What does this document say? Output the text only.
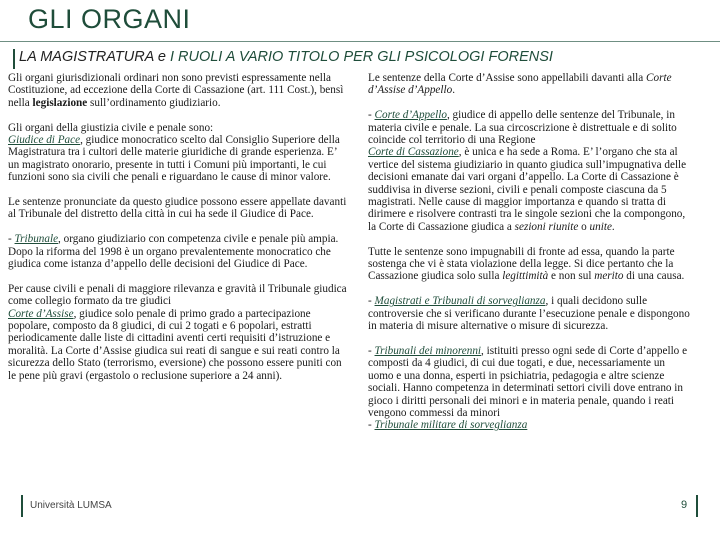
GLI ORGANI
LA MAGISTRATURA e I RUOLI A VARIO TITOLO PER GLI PSICOLOGI FORENSI

Gli organi giurisdizionali ordinari non sono previsti espressamente nella Costituzione, ad eccezione della Corte di Cassazione (art. 111 Cost.), bensì nella legislazione sull’ordinamento giudiziario.

Gli organi della giustizia civile e penale sono:
Giudice di Pace, giudice monocratico scelto dal Consiglio Superiore della Magistratura tra i cultori delle materie giuridiche di grande esperienza. E’ un magistrato onorario, presente in tutti i Comuni più importanti, le cui funzioni sono sia civili che penali e riguardano le cause di minor valore.

Le sentenze pronunciate da questo giudice possono essere appellate davanti al Tribunale del distretto della città in cui ha sede il Giudice di Pace.

- Tribunale, organo giudiziario con competenza civile e penale più ampia. Dopo la riforma del 1998 è un organo prevalentemente monocratico che giudica come istanza d’appello delle decisioni del Giudice di Pace.

Per cause civili e penali di maggiore rilevanza e gravità il Tribunale giudica come collegio formato da tre giudici
Corte d’Assise, giudice solo penale di primo grado a partecipazione popolare, composto da 8 giudici, di cui 2 togati e 6 popolari, estratti periodicamente dalle liste di cittadini aventi certi requisiti d’istruzione e moralità. La Corte d’Assise giudica sui reati di sangue e sui reati contro la sicurezza dello Stato (terrorismo, eversione) che possono essere puniti con le pene più gravi (ergastolo o reclusione superiore a 24 anni).

Le sentenze della Corte d’Assise sono appellabili davanti alla Corte d’Assise d’Appello.

- Corte d’Appello, giudice di appello delle sentenze del Tribunale, in materia civile e penale. La sua circoscrizione è distrettuale e di solito coincide col territorio di una Regione
Corte di Cassazione, è unica e ha sede a Roma. E’ l’organo che sta al vertice del sistema giudiziario in quanto giudica sull’impugnativa delle decisioni emanate dai vari organi d’appello. La Corte di Cassazione è suddivisa in diverse sezioni, civili e penali composte ciascuna da 5 magistrati. Nelle cause di maggior importanza e quando si tratta di dirimere e risolvere contrasti tra le singole sezioni che la compongono, la Corte di Cassazione giudica a sezioni riunite o unite.

Tutte le sentenze sono impugnabili di fronte ad essa, quando la parte sostenga che vi è stata violazione della legge. Si dice pertanto che la Cassazione giudica solo sulla legittimità e non sul merito di una causa.

- Magistrati e Tribunali di sorveglianza, i quali decidono sulle controversie che si verificano durante l’esecuzione penale e dispongono in materia di misure alternative o misure di sicurezza.

- Tribunali dei minorenni, istituiti presso ogni sede di Corte d’appello e composti da 4 giudici, di cui due togati, e due, necessariamente un uomo e una donna, esperti in psichiatria, pedagogia e altre scienze sociali. Hanno competenza in determinati settori civili dove entrano in gioco i diritti personali dei minori e in materia penale, quando i reati vengono commessi da minori
- Tribunale militare di sorveglianza

Università LUMSA	9
